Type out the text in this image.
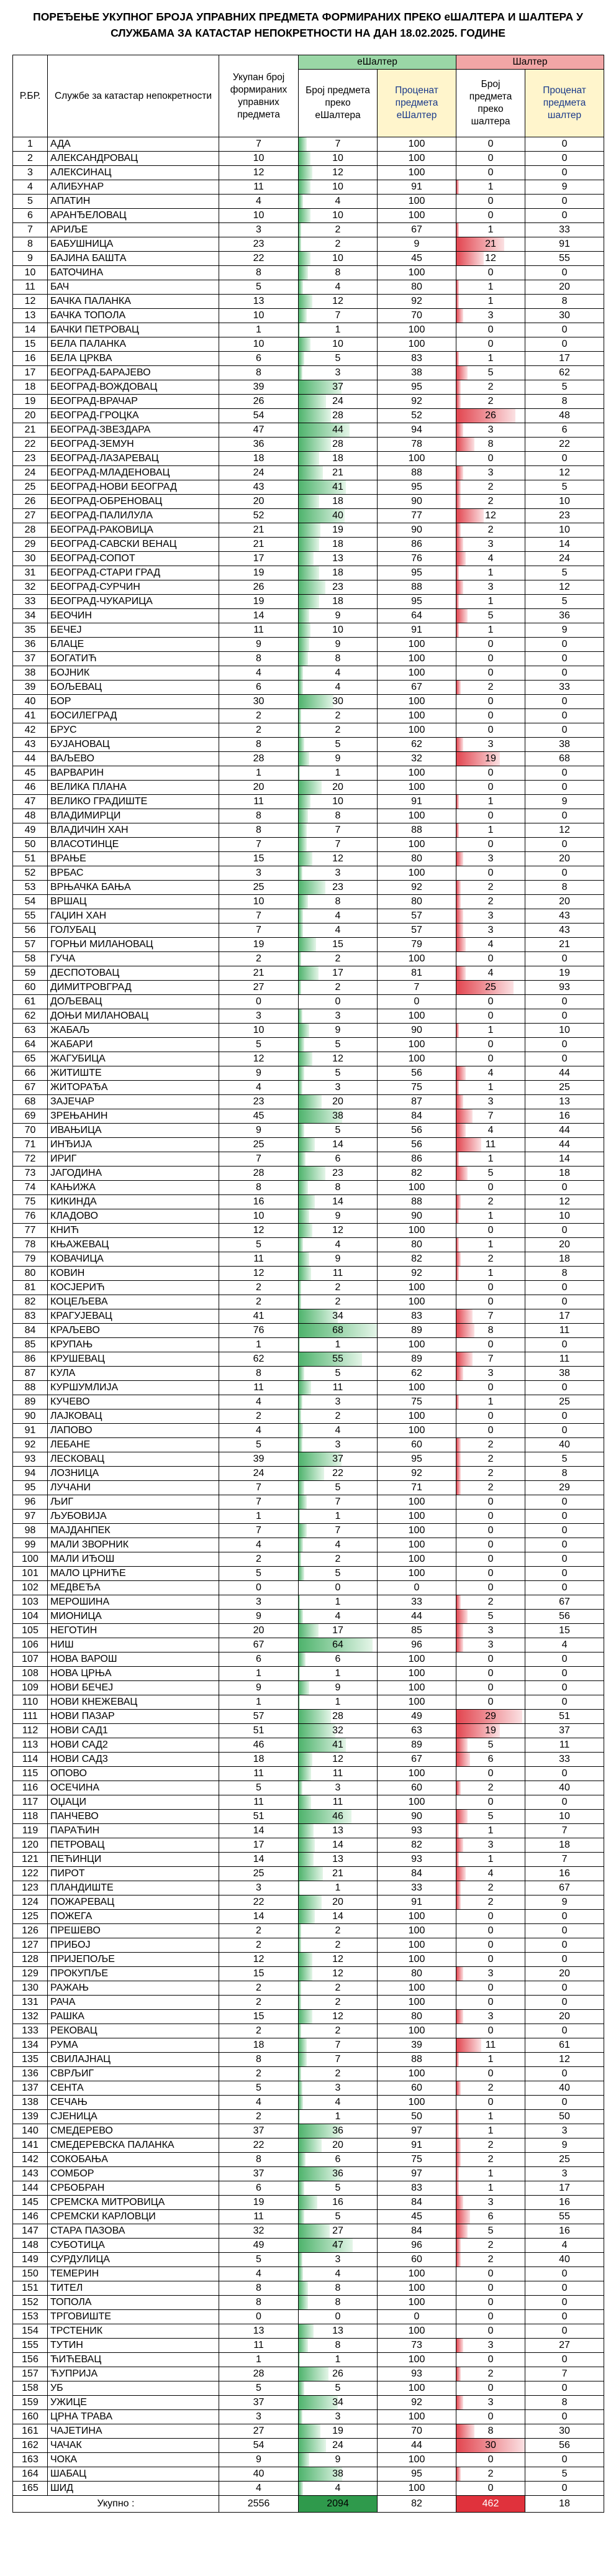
ПОРЕЂЕЊЕ УКУПНОГ БРОЈА УПРАВНИХ ПРЕДМЕТА ФОРМИРАНИХ ПРЕКО еШАЛТЕРА И ШАЛТЕРА У СЛУЖБАМА ЗА КАТАСТАР НЕПОКРЕТНОСТИ НА ДАН 18.02.2025. ГОДИНЕ
Р.БР.	Службе за катастар непокретности	Укупан број формираних управних предмета	еШалтер		Шалтер	
			Број предмета преко еШалтера	Проценат предмета еШалтер	Број предмета преко шалтера	Проценат предмета шалтер
1	АДА	7	7	100	0	0
2	АЛЕКСАНДРОВАЦ	10	10	100	0	0
3	АЛЕКСИНАЦ	12	12	100	0	0
4	АЛИБУНАР	11	10	91	1	9
5	АПАТИН	4	4	100	0	0
6	АРАНЂЕЛОВАЦ	10	10	100	0	0
7	АРИЉЕ	3	2	67	1	33
8	БАБУШНИЦА	23	2	9	21	91
9	БАЈИНА БАШТА	22	10	45	12	55
10	БАТОЧИНА	8	8	100	0	0
11	БАЧ	5	4	80	1	20
12	БАЧКА ПАЛАНКА	13	12	92	1	8
13	БАЧКА ТОПОЛА	10	7	70	3	30
14	БАЧКИ ПЕТРОВАЦ	1	1	100	0	0
15	БЕЛА ПАЛАНКА	10	10	100	0	0
16	БЕЛА ЦРКВА	6	5	83	1	17
17	БЕОГРАД-БАРАЈЕВО	8	3	38	5	62
18	БЕОГРАД-ВОЖДОВАЦ	39	37	95	2	5
19	БЕОГРАД-ВРАЧАР	26	24	92	2	8
20	БЕОГРАД-ГРОЦКА	54	28	52	26	48
21	БЕОГРАД-ЗВЕЗДАРА	47	44	94	3	6
22	БЕОГРАД-ЗЕМУН	36	28	78	8	22
23	БЕОГРАД-ЛАЗАРЕВАЦ	18	18	100	0	0
24	БЕОГРАД-МЛАДЕНОВАЦ	24	21	88	3	12
25	БЕОГРАД-НОВИ БЕОГРАД	43	41	95	2	5
26	БЕОГРАД-ОБРЕНОВАЦ	20	18	90	2	10
27	БЕОГРАД-ПАЛИЛУЛА	52	40	77	12	23
28	БЕОГРАД-РАКОВИЦА	21	19	90	2	10
29	БЕОГРАД-САВСКИ ВЕНАЦ	21	18	86	3	14
30	БЕОГРАД-СОПОТ	17	13	76	4	24
31	БЕОГРАД-СТАРИ ГРАД	19	18	95	1	5
32	БЕОГРАД-СУРЧИН	26	23	88	3	12
33	БЕОГРАД-ЧУКАРИЦА	19	18	95	1	5
34	БЕОЧИН	14	9	64	5	36
35	БЕЧЕЈ	11	10	91	1	9
36	БЛАЦЕ	9	9	100	0	0
37	БОГАТИЋ	8	8	100	0	0
38	БОЈНИК	4	4	100	0	0
39	БОЉЕВАЦ	6	4	67	2	33
40	БОР	30	30	100	0	0
41	БОСИЛЕГРАД	2	2	100	0	0
42	БРУС	2	2	100	0	0
43	БУЈАНОВАЦ	8	5	62	3	38
44	ВАЉЕВО	28	9	32	19	68
45	ВАРВАРИН	1	1	100	0	0
46	ВЕЛИКА ПЛАНА	20	20	100	0	0
47	ВЕЛИКО ГРАДИШТЕ	11	10	91	1	9
48	ВЛАДИМИРЦИ	8	8	100	0	0
49	ВЛАДИЧИН ХАН	8	7	88	1	12
50	ВЛАСОТИНЦЕ	7	7	100	0	0
51	ВРАЊЕ	15	12	80	3	20
52	ВРБАС	3	3	100	0	0
53	ВРЊАЧКА БАЊА	25	23	92	2	8
54	ВРШАЦ	10	8	80	2	20
55	ГАЏИН ХАН	7	4	57	3	43
56	ГОЛУБАЦ	7	4	57	3	43
57	ГОРЊИ МИЛАНОВАЦ	19	15	79	4	21
58	ГУЧА	2	2	100	0	0
59	ДЕСПОТОВАЦ	21	17	81	4	19
60	ДИМИТРОВГРАД	27	2	7	25	93
61	ДОЉЕВАЦ	0	0	0	0	0
62	ДОЊИ МИЛАНОВАЦ	3	3	100	0	0
63	ЖАБАЉ	10	9	90	1	10
64	ЖАБАРИ	5	5	100	0	0
65	ЖАГУБИЦА	12	12	100	0	0
66	ЖИТИШТЕ	9	5	56	4	44
67	ЖИТОРАЂА	4	3	75	1	25
68	ЗАЈЕЧАР	23	20	87	3	13
69	ЗРЕЊАНИН	45	38	84	7	16
70	ИВАЊИЦА	9	5	56	4	44
71	ИНЂИЈА	25	14	56	11	44
72	ИРИГ	7	6	86	1	14
73	ЈАГОДИНА	28	23	82	5	18
74	КАЊИЖА	8	8	100	0	0
75	КИКИНДА	16	14	88	2	12
76	КЛАДОВО	10	9	90	1	10
77	КНИЋ	12	12	100	0	0
78	КЊАЖЕВАЦ	5	4	80	1	20
79	КОВАЧИЦА	11	9	82	2	18
80	КОВИН	12	11	92	1	8
81	КОСЈЕРИЋ	2	2	100	0	0
82	КОЦЕЉЕВА	2	2	100	0	0
83	КРАГУЈЕВАЦ	41	34	83	7	17
84	КРАЉЕВО	76	68	89	8	11
85	КРУПАЊ	1	1	100	0	0
86	КРУШЕВАЦ	62	55	89	7	11
87	КУЛА	8	5	62	3	38
88	КУРШУМЛИЈА	11	11	100	0	0
89	КУЧЕВО	4	3	75	1	25
90	ЛАЈКОВАЦ	2	2	100	0	0
91	ЛАПОВО	4	4	100	0	0
92	ЛЕБАНЕ	5	3	60	2	40
93	ЛЕСКОВАЦ	39	37	95	2	5
94	ЛОЗНИЦА	24	22	92	2	8
95	ЛУЧАНИ	7	5	71	2	29
96	ЉИГ	7	7	100	0	0
97	ЉУБОВИЈА	1	1	100	0	0
98	МАЈДАНПЕК	7	7	100	0	0
99	МАЛИ ЗВОРНИК	4	4	100	0	0
100	МАЛИ ИЂОШ	2	2	100	0	0
101	МАЛО ЦРНИЋЕ	5	5	100	0	0
102	МЕДВЕЂА	0	0	0	0	0
103	МЕРОШИНА	3	1	33	2	67
104	МИОНИЦА	9	4	44	5	56
105	НЕГОТИН	20	17	85	3	15
106	НИШ	67	64	96	3	4
107	НОВА ВАРОШ	6	6	100	0	0
108	НОВА ЦРЊА	1	1	100	0	0
109	НОВИ БЕЧЕЈ	9	9	100	0	0
110	НОВИ КНЕЖЕВАЦ	1	1	100	0	0
111	НОВИ ПАЗАР	57	28	49	29	51
112	НОВИ САД1	51	32	63	19	37
113	НОВИ САД2	46	41	89	5	11
114	НОВИ САД3	18	12	67	6	33
115	ОПОВО	11	11	100	0	0
116	ОСЕЧИНА	5	3	60	2	40
117	ОЏАЦИ	11	11	100	0	0
118	ПАНЧЕВО	51	46	90	5	10
119	ПАРАЋИН	14	13	93	1	7
120	ПЕТРОВАЦ	17	14	82	3	18
121	ПЕЋИНЦИ	14	13	93	1	7
122	ПИРОТ	25	21	84	4	16
123	ПЛАНДИШТЕ	3	1	33	2	67
124	ПОЖАРЕВАЦ	22	20	91	2	9
125	ПОЖЕГА	14	14	100	0	0
126	ПРЕШЕВО	2	2	100	0	0
127	ПРИБОЈ	2	2	100	0	0
128	ПРИЈЕПОЉЕ	12	12	100	0	0
129	ПРОКУПЉЕ	15	12	80	3	20
130	РАЖАЊ	2	2	100	0	0
131	РАЧА	2	2	100	0	0
132	РАШКА	15	12	80	3	20
133	РЕКОВАЦ	2	2	100	0	0
134	РУМА	18	7	39	11	61
135	СВИЛАЈНАЦ	8	7	88	1	12
136	СВРЉИГ	2	2	100	0	0
137	СЕНТА	5	3	60	2	40
138	СЕЧАЊ	4	4	100	0	0
139	СЈЕНИЦА	2	1	50	1	50
140	СМЕДЕРЕВО	37	36	97	1	3
141	СМЕДЕРЕВСКА ПАЛАНКА	22	20	91	2	9
142	СОКОБАЊА	8	6	75	2	25
143	СОМБОР	37	36	97	1	3
144	СРБОБРАН	6	5	83	1	17
145	СРЕМСКА МИТРОВИЦА	19	16	84	3	16
146	СРЕМСКИ КАРЛОВЦИ	11	5	45	6	55
147	СТАРА ПАЗОВА	32	27	84	5	16
148	СУБОТИЦА	49	47	96	2	4
149	СУРДУЛИЦА	5	3	60	2	40
150	ТЕМЕРИН	4	4	100	0	0
151	ТИТЕЛ	8	8	100	0	0
152	ТОПОЛА	8	8	100	0	0
153	ТРГОВИШТЕ	0	0	0	0	0
154	ТРСТЕНИК	13	13	100	0	0
155	ТУТИН	11	8	73	3	27
156	ЋИЋЕВАЦ	1	1	100	0	0
157	ЋУПРИЈА	28	26	93	2	7
158	УБ	5	5	100	0	0
159	УЖИЦЕ	37	34	92	3	8
160	ЦРНА ТРАВА	3	3	100	0	0
161	ЧАЈЕТИНА	27	19	70	8	30
162	ЧАЧАК	54	24	44	30	56
163	ЧОКА	9	9	100	0	0
164	ШАБАЦ	40	38	95	2	5
165	ШИД	4	4	100	0	0
Укупно :		2556	2094	82	462	18
